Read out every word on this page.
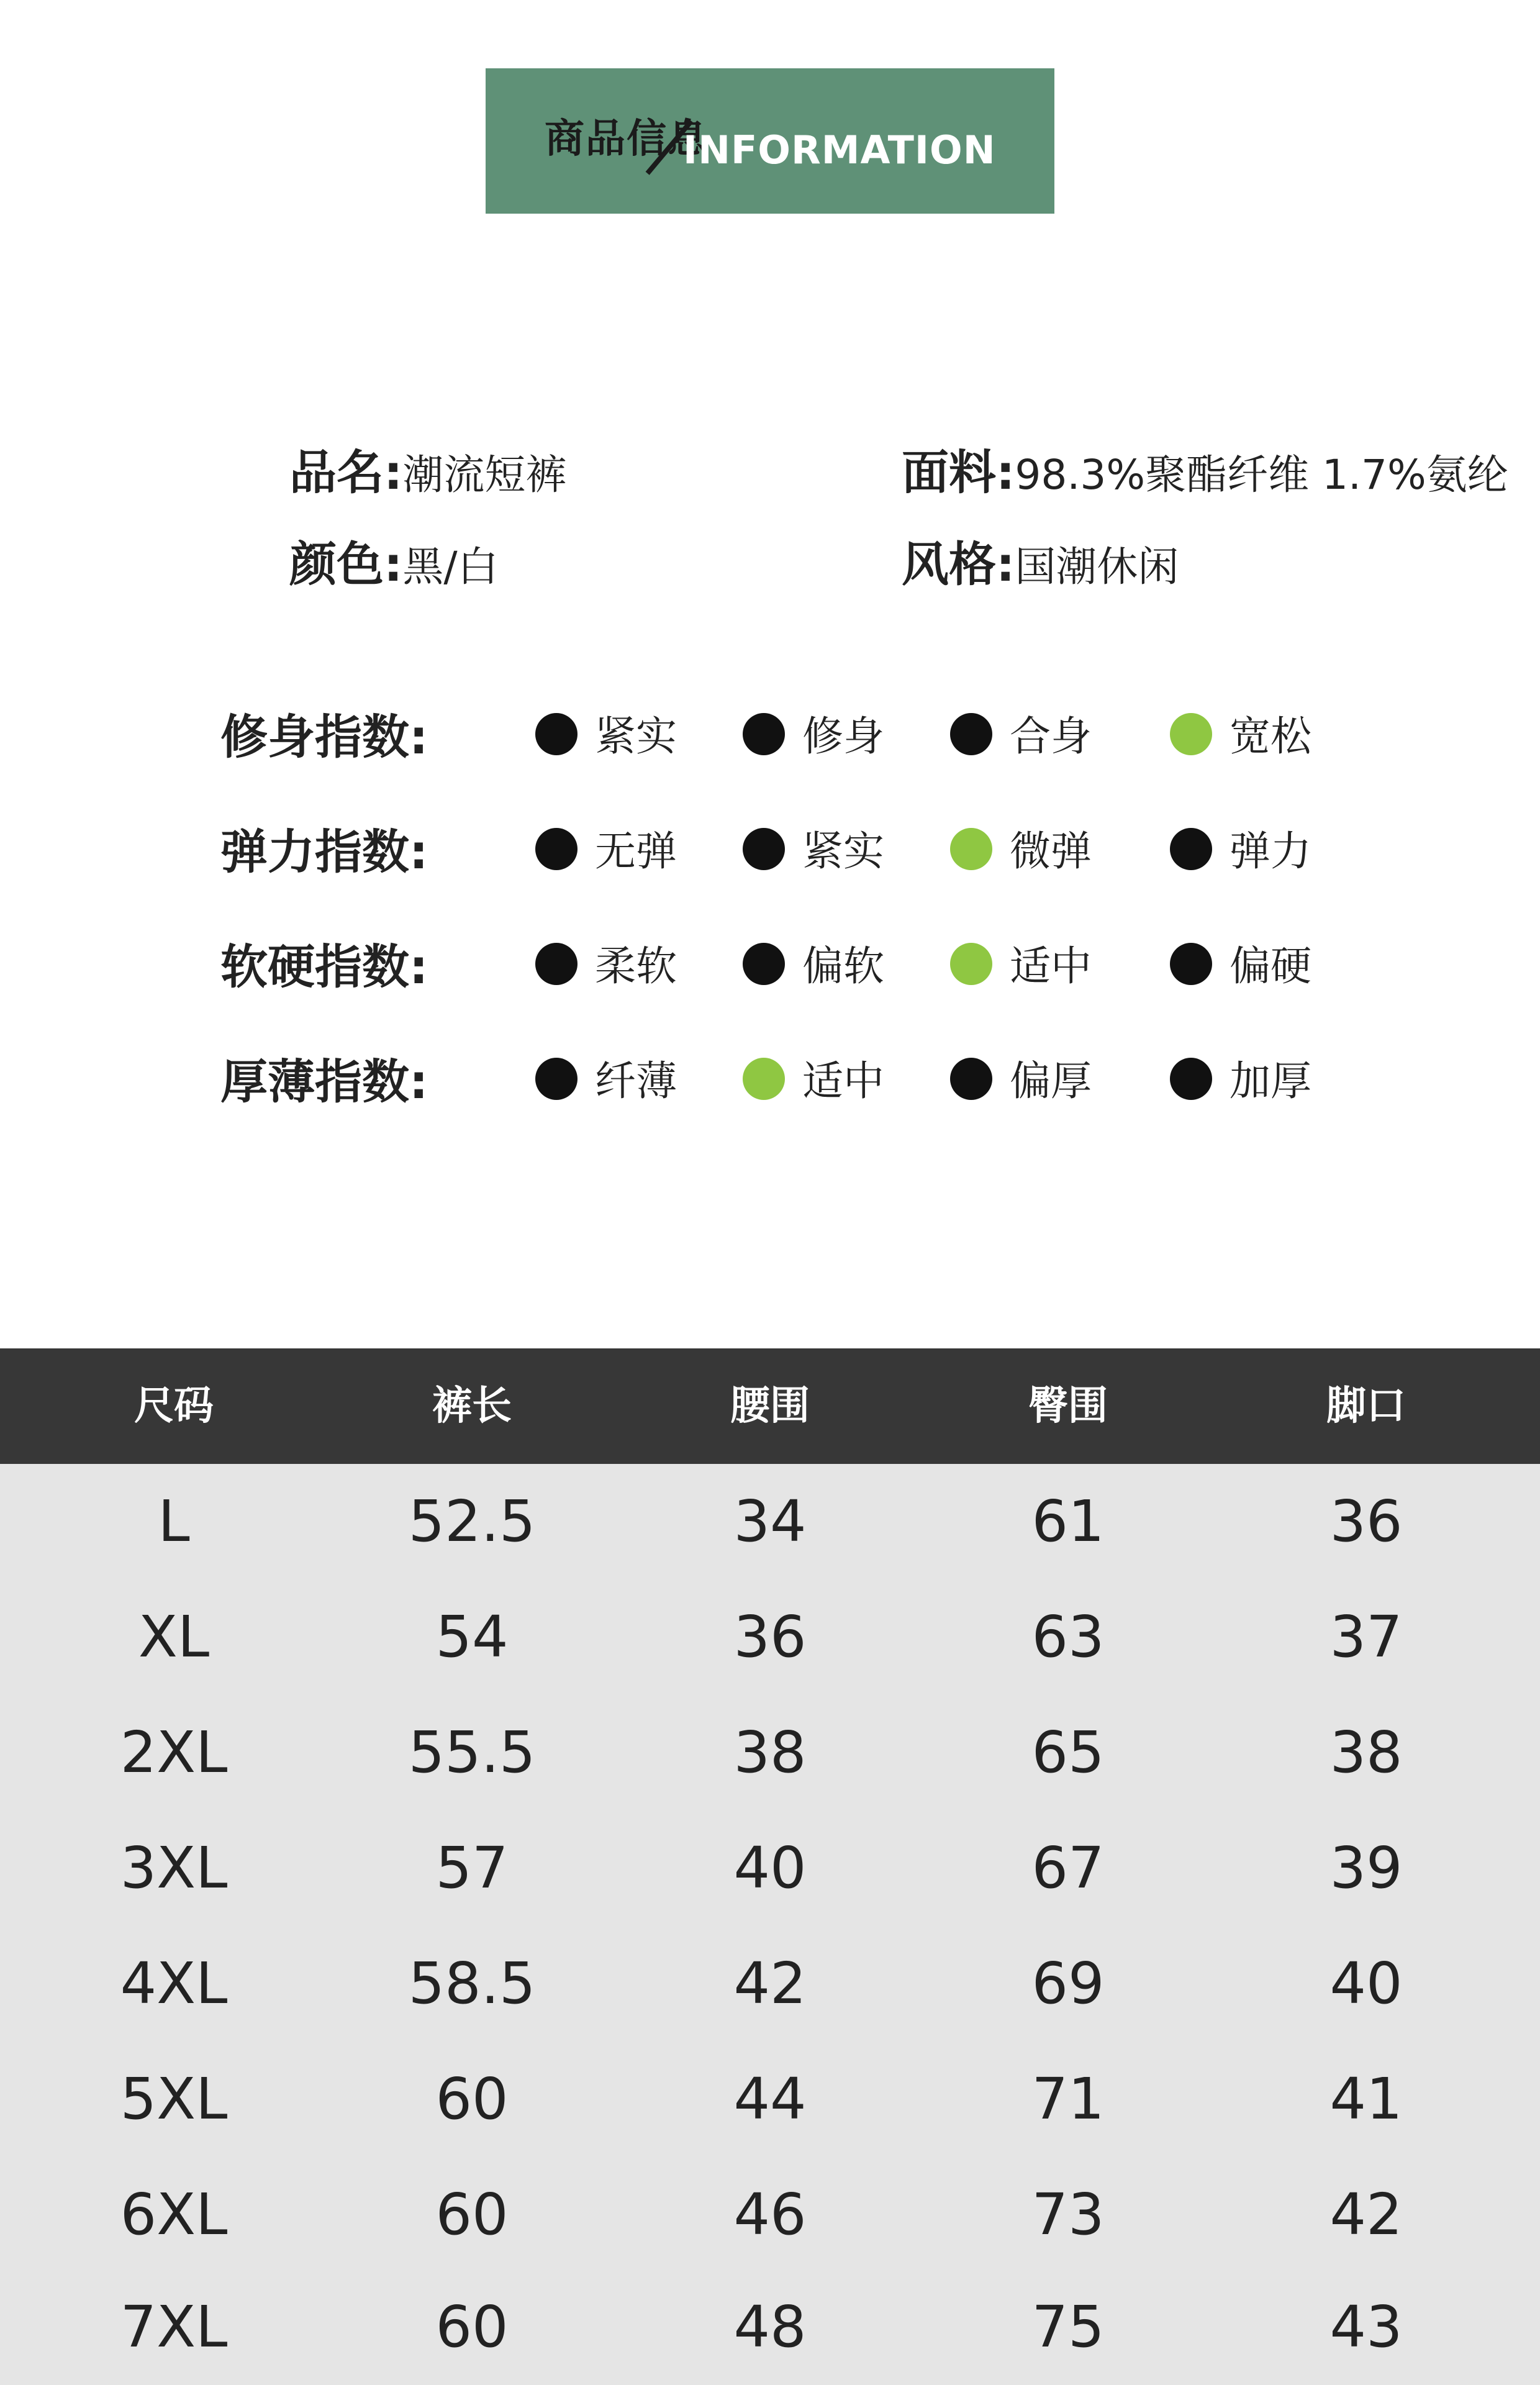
商品信息
INFORMATION
品名:潮流短裤	面料:98.3%聚酯纤维 1.7%氨纶
颜色:黑/白	风格:国潮休闲
修身指数:	紧实	修身	合身	宽松
弹力指数:	无弹	紧实	微弹	弹力
软硬指数:	柔软	偏软	适中	偏硬
厚薄指数:	纤薄	适中	偏厚	加厚
尺码	裤长	腰围	臀围	脚口
L	52.5	34	61	36
XL	54	36	63	37
2XL	55.5	38	65	38
3XL	57	40	67	39
4XL	58.5	42	69	40
5XL	60	44	71	41
6XL	60	46	73	42
7XL	60	48	75	43
